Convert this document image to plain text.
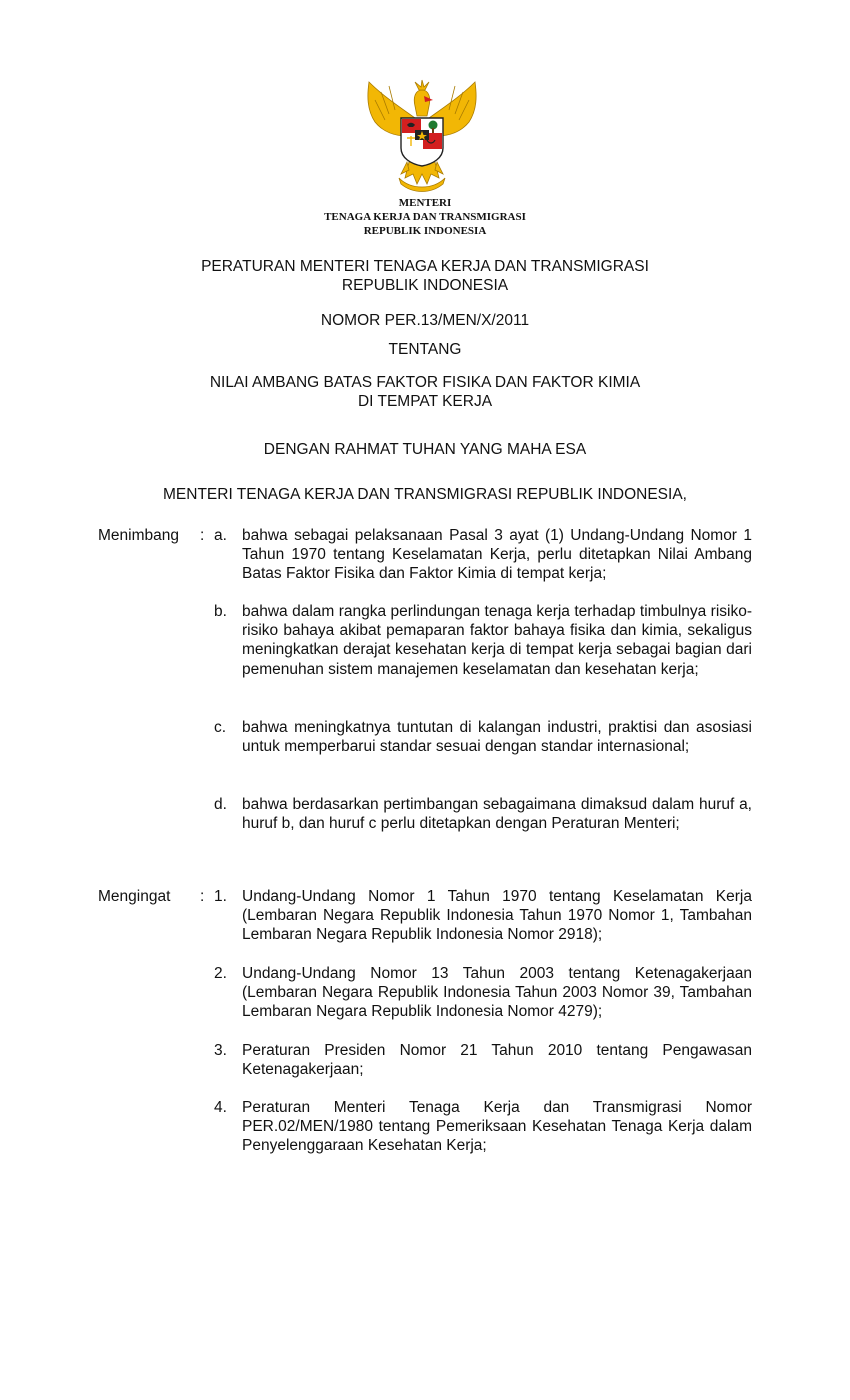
MENTERI
TENAGA KERJA DAN TRANSMIGRASI
REPUBLIK INDONESIA
PERATURAN MENTERI TENAGA KERJA DAN TRANSMIGRASI
REPUBLIK INDONESIA
NOMOR PER.13/MEN/X/2011
TENTANG
NILAI AMBANG BATAS FAKTOR FISIKA DAN FAKTOR KIMIA
DI TEMPAT KERJA
DENGAN RAHMAT TUHAN YANG MAHA ESA
MENTERI TENAGA KERJA DAN TRANSMIGRASI REPUBLIK INDONESIA,
Menimbang : a. bahwa sebagai pelaksanaan Pasal 3 ayat (1) Undang-Undang Nomor 1 Tahun 1970 tentang Keselamatan Kerja, perlu ditetapkan Nilai Ambang Batas Faktor Fisika dan Faktor Kimia di tempat kerja;
b. bahwa dalam rangka perlindungan tenaga kerja terhadap timbulnya risiko-risiko bahaya akibat pemaparan faktor bahaya fisika dan kimia, sekaligus meningkatkan derajat kesehatan kerja di tempat kerja sebagai bagian dari pemenuhan sistem manajemen keselamatan dan kesehatan kerja;
c.	bahwa meningkatnya tuntutan di kalangan industri, praktisi dan asosiasi untuk memperbarui standar sesuai dengan standar internasional;
d. bahwa berdasarkan pertimbangan sebagaimana dimaksud dalam huruf a, huruf b, dan huruf c perlu ditetapkan dengan Peraturan Menteri;
Mengingat : 1. Undang-Undang Nomor 1 Tahun 1970 tentang Keselamatan Kerja (Lembaran Negara Republik Indonesia Tahun 1970 Nomor 1, Tambahan Lembaran Negara Republik Indonesia Nomor 2918);
2. Undang-Undang Nomor 13 Tahun 2003 tentang Ketenagakerjaan (Lembaran Negara Republik Indonesia Tahun 2003 Nomor 39, Tambahan Lembaran Negara Republik Indonesia Nomor 4279);
3. Peraturan Presiden Nomor 21 Tahun 2010 tentang Pengawasan Ketenagakerjaan;
4. Peraturan Menteri Tenaga Kerja dan Transmigrasi Nomor PER.02/MEN/1980 tentang Pemeriksaan Kesehatan Tenaga Kerja dalam Penyelenggaraan Kesehatan Kerja;
